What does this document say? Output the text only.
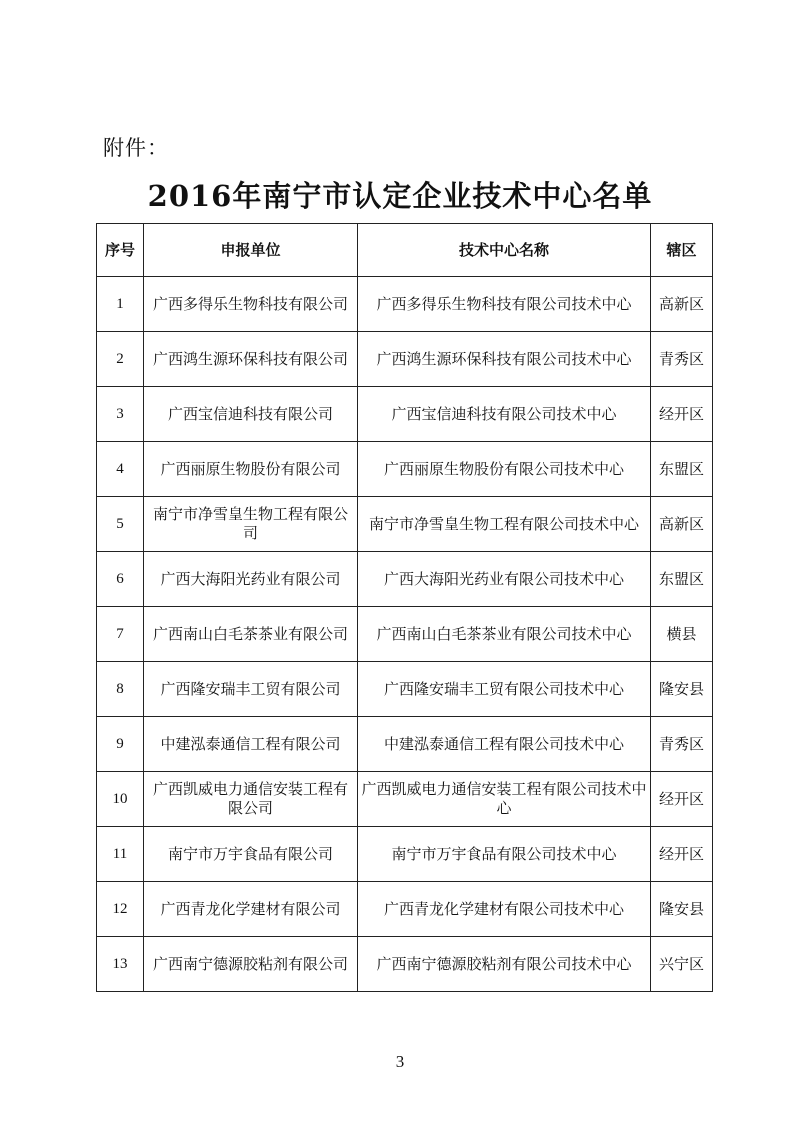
附件：
2016年南宁市认定企业技术中心名单
序号	申报单位	技术中心名称	辖区
1	广西多得乐生物科技有限公司	广西多得乐生物科技有限公司技术中心	高新区
2	广西鸿生源环保科技有限公司	广西鸿生源环保科技有限公司技术中心	青秀区
3	广西宝信迪科技有限公司	广西宝信迪科技有限公司技术中心	经开区
4	广西丽原生物股份有限公司	广西丽原生物股份有限公司技术中心	东盟区
5	南宁市净雪皇生物工程有限公司	南宁市净雪皇生物工程有限公司技术中心	高新区
6	广西大海阳光药业有限公司	广西大海阳光药业有限公司技术中心	东盟区
7	广西南山白毛茶茶业有限公司	广西南山白毛茶茶业有限公司技术中心	横县
8	广西隆安瑞丰工贸有限公司	广西隆安瑞丰工贸有限公司技术中心	隆安县
9	中建泓泰通信工程有限公司	中建泓泰通信工程有限公司技术中心	青秀区
10	广西凯威电力通信安装工程有限公司	广西凯威电力通信安装工程有限公司技术中心	经开区
11	南宁市万宇食品有限公司	南宁市万宇食品有限公司技术中心	经开区
12	广西青龙化学建材有限公司	广西青龙化学建材有限公司技术中心	隆安县
13	广西南宁德源胶粘剂有限公司	广西南宁德源胶粘剂有限公司技术中心	兴宁区
3
